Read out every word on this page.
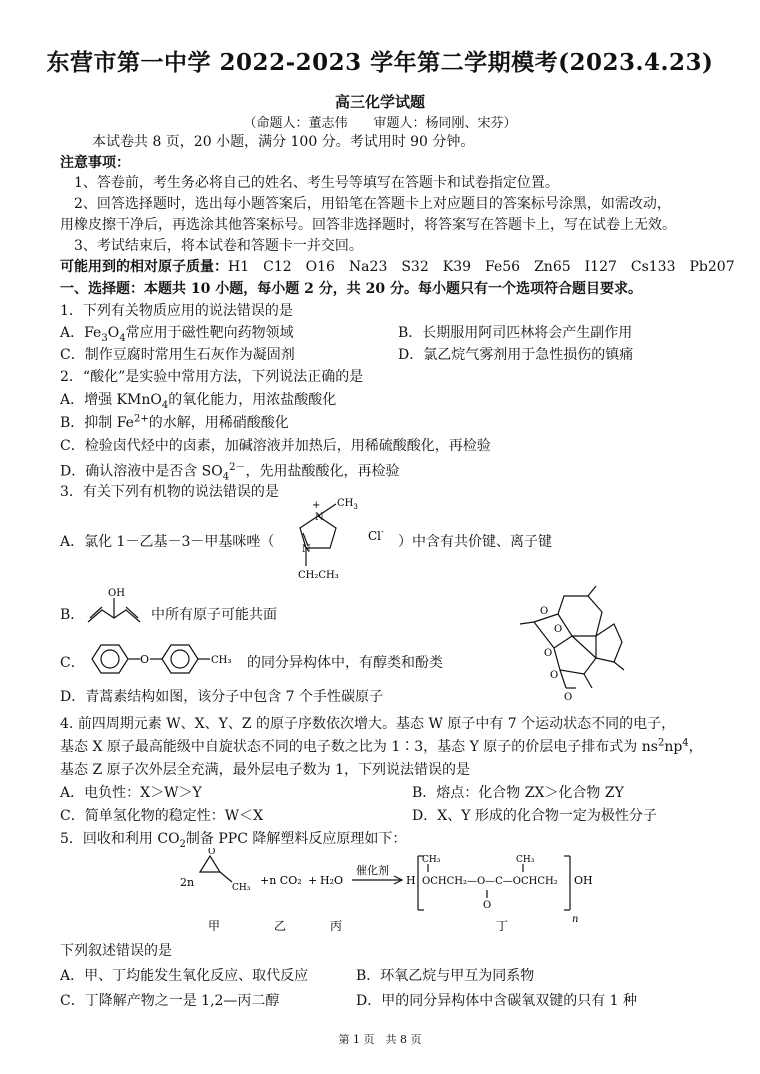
东营市第一中学 2022-2023 学年第二学期模考(2023.4.23)
高三化学试题
（命题人：董志伟　　审题人：杨同刚、宋芬）
本试卷共 8 页，20 小题，满分 100 分。考试用时 90 分钟。
注意事项：
1、答卷前，考生务必将自己的姓名、考生号等填写在答题卡和试卷指定位置。
2、回答选择题时，选出每小题答案后，用铅笔在答题卡上对应题目的答案标号涂黑，如需改动，
用橡皮擦干净后，再选涂其他答案标号。回答非选择题时，将答案写在答题卡上，写在试卷上无效。
3、考试结束后，将本试卷和答题卡一并交回。
可能用到的相对原子质量：H1　C12　O16　Na23　S32　K39　Fe56　Zn65　I127　Cs133　Pb207
一、选择题：本题共 10 小题，每小题 2 分，共 20 分。每小题只有一个选项符合题目要求。
1．下列有关物质应用的说法错误的是
A．$Fe_3O_4$常应用于磁性靶向药物领域	B．长期服用阿司匹林将会产生副作用
C．制作豆腐时常用生石灰作为凝固剂	D．氯乙烷气雾剂用于急性损伤的镇痛
2．“酸化”是实验中常用方法，下列说法正确的是
A．增强 KMnO$_4$的氧化能力，用浓盐酸酸化
B．抑制 $Fe^{2+}$的水解，用稀硝酸酸化
C．检验卤代烃中的卤素，加碱溶液并加热后，用稀硫酸酸化，再检验
D．确认溶液中是否含 $SO_4^{2-}$，先用盐酸酸化，再检验
3．有关下列有机物的说法错误的是
A．氯化 1－乙基－3－甲基咪唑（
+
N
N
$CH_3$
CH₂CH₃
Cl-
）中含有共价键、离子键
B．
OH
中所有原子可能共面	O
O
O
O
O
C．	O	CH₃ 的同分异构体中，有醇类和酚类
D．青蒿素结构如图，该分子中包含 7 个手性碳原子
4. 前四周期元素 W、X、Y、Z 的原子序数依次增大。基态 W 原子中有 7 个运动状态不同的电子，
基态 X 原子最高能级中自旋状态不同的电子数之比为 1∶3，基态 Y 原子的价层电子排布式为 $ns^2np^4$，
基态 Z 原子次外层全充满，最外层电子数为 1，下列说法错误的是
A．电负性：X＞W＞Y	B．熔点：化合物 ZX＞化合物 ZY
C．简单氢化物的稳定性：W＜X	D．X、Y 形成的化合物一定为极性分子
5．回收和利用 $CO_2$制备 PPC 降解塑料反应原理如下：
2n
O
CH₃
+n CO₂ + H₂O
催化剂
H
CH₃	CH₃
OCHCH₂—O—C—OCHCH₂
O
OH
n
甲	乙	丙	丁
下列叙述错误的是
A．甲、丁均能发生氧化反应、取代反应	B．环氧乙烷与甲互为同系物
C．丁降解产物之一是 1,2—丙二醇	D．甲的同分异构体中含碳氧双键的只有 1 种
第 1 页　共 8 页
